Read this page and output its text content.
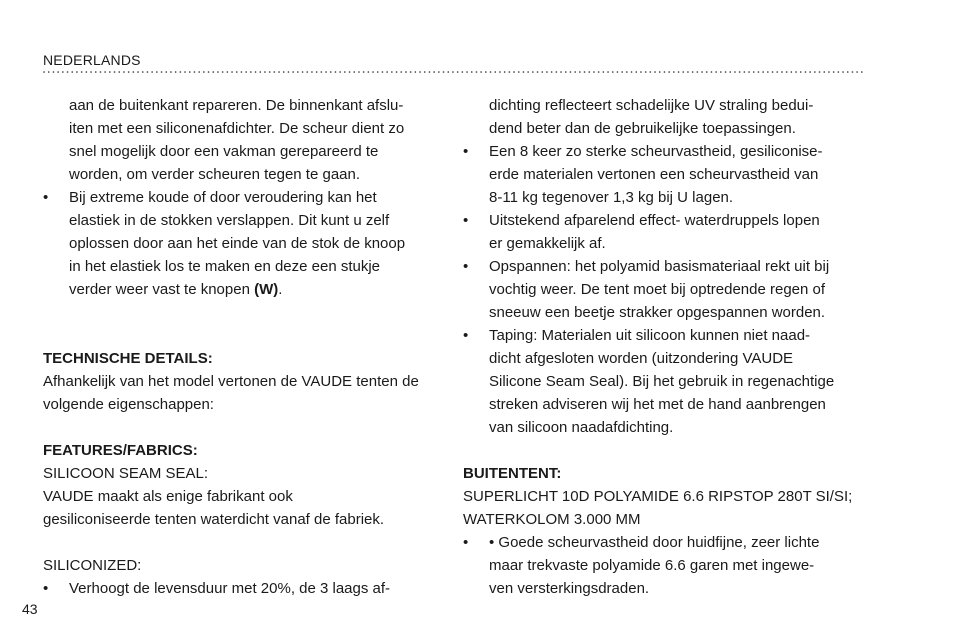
NEDERLANDS
aan de buitenkant repareren. De binnenkant afslu-
iten met een siliconenafdichter. De scheur dient zo
snel mogelijk door een vakman gerepareerd te
worden, om verder scheuren tegen te gaan.
• Bij extreme koude of door veroudering kan het
elastiek in de stokken verslappen. Dit kunt u zelf
oplossen door aan het einde van de stok de knoop
in het elastiek los te maken en deze een stukje
verder weer vast te knopen (W).
TECHNISCHE DETAILS:
Afhankelijk van het model vertonen de VAUDE tenten de
volgende eigenschappen:
FEATURES/FABRICS:
SILICOON SEAM SEAL:
VAUDE maakt als enige fabrikant ook
gesiliconiseerde tenten waterdicht vanaf de fabriek.
SILICONIZED:
• Verhoogt de levensduur met 20%, de 3 laags af-
dichting reflecteert schadelijke UV straling bedui-
dend beter dan de gebruikelijke toepassingen.
• Een 8 keer zo sterke scheurvastheid, gesiliconise-
erde materialen vertonen een scheurvastheid van
8-11 kg tegenover 1,3 kg bij U lagen.
• Uitstekend afparelend effect- waterdruppels lopen
er gemakkelijk af.
• Opspannen: het polyamid basismateriaal rekt uit bij
vochtig weer. De tent moet bij optredende regen of
sneeuw een beetje strakker opgespannen worden.
• Taping: Materialen uit silicoon kunnen niet naad-
dicht afgesloten worden (uitzondering VAUDE
Silicone Seam Seal). Bij het gebruik in regenachtige
streken adviseren wij het met de hand aanbrengen
van silicoon naadafdichting.
BUITENTENT:
SUPERLICHT 10D POLYAMIDE 6.6 RIPSTOP 280T SI/SI;
WATERKOLOM 3.000 MM
• • Goede scheurvastheid door huidfijne, zeer lichte
maar trekvaste polyamide 6.6 garen met ingewe-
ven versterkingsdraden.
43
